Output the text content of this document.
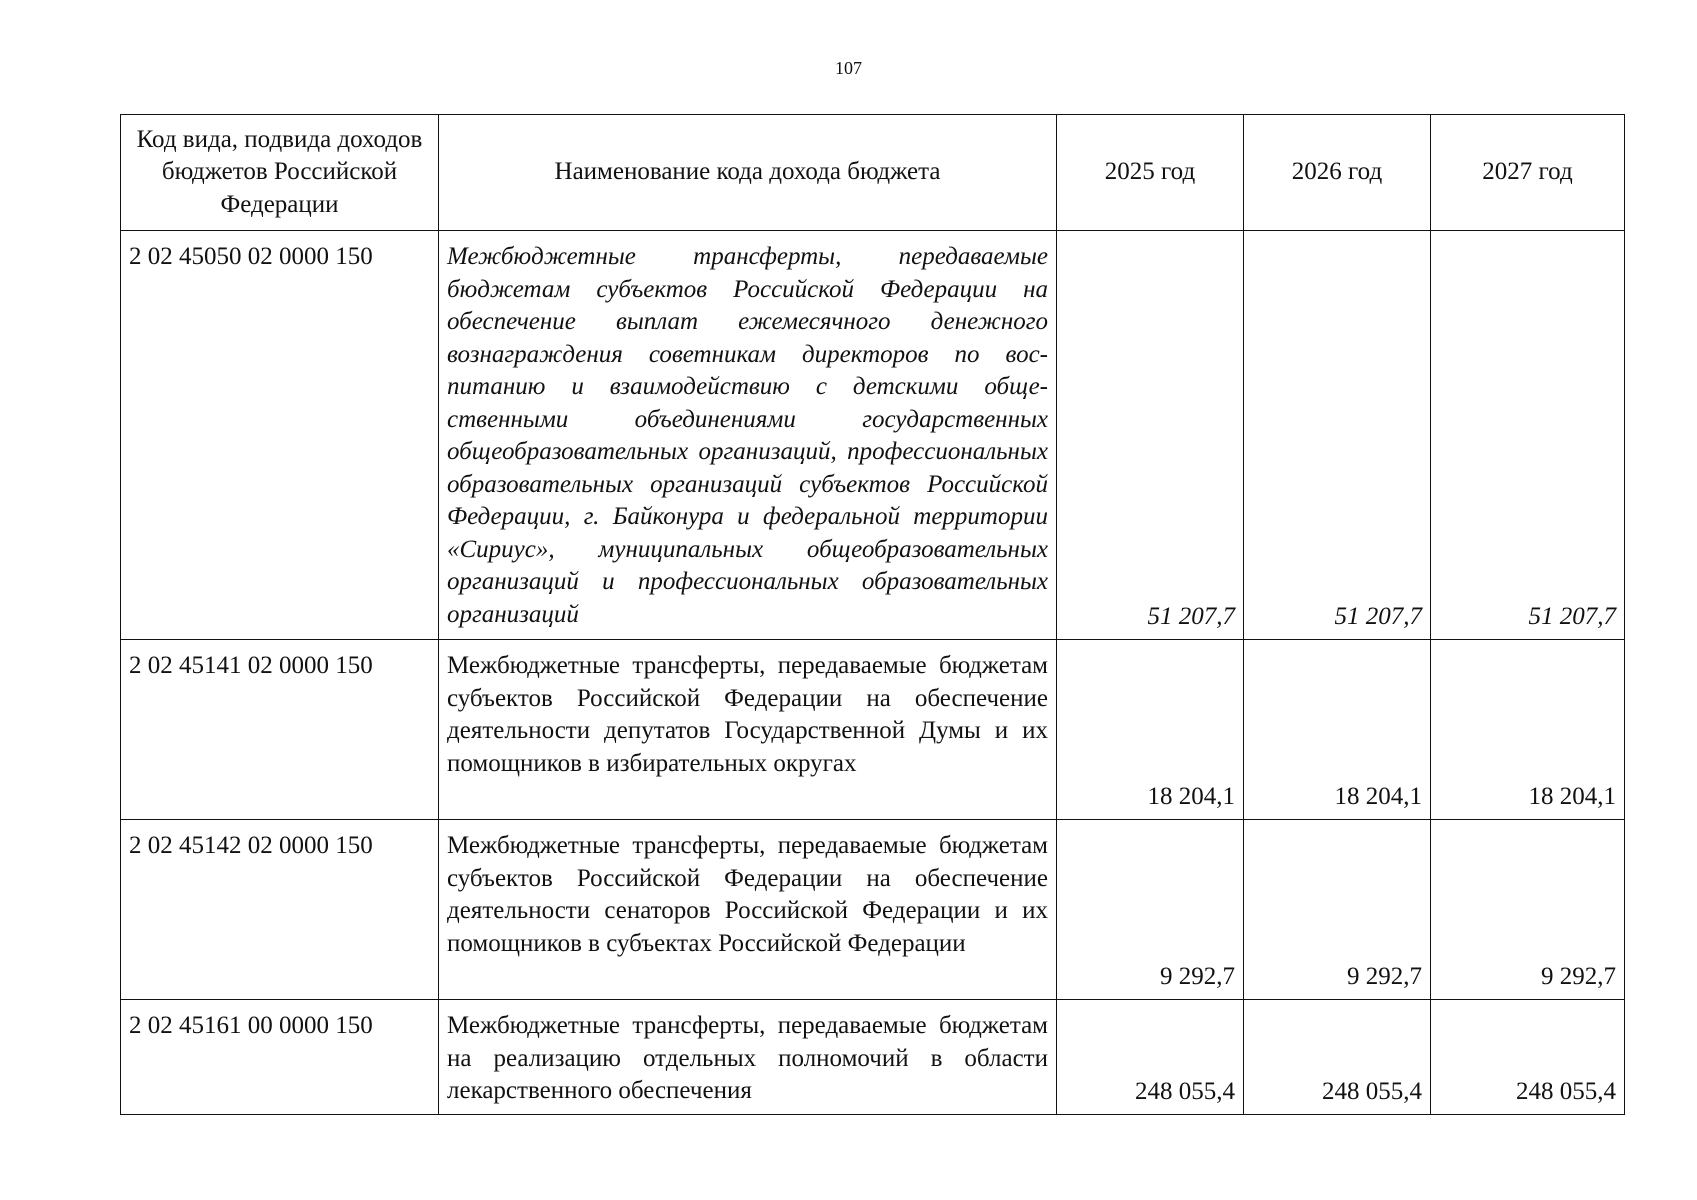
107
Код вида, подвида доходов бюджетов Российской Федерации	Наименование кода дохода бюджета	2025 год	2026 год	2027 год
2 02 45050 02 0000 150	Межбюджетные трансферты, передаваемые бюджетам субъектов Российской Федерации на обеспечение выплат ежемесячного денежного вознаграждения советникам директоров по воспитанию и взаимодействию с детскими общественными объединениями государственных общеобразовательных организаций, профессиональных образовательных организаций субъектов Российской Федерации, г. Байконура и федеральной территории «Сириус», муниципальных общеобразовательных организаций и профессиональных образовательных организаций	51 207,7	51 207,7	51 207,7
2 02 45141 02 0000 150	Межбюджетные трансферты, передаваемые бюджетам субъектов Российской Федерации на обеспечение деятельности депутатов Государственной Думы и их помощников в избирательных округах	18 204,1	18 204,1	18 204,1
2 02 45142 02 0000 150	Межбюджетные трансферты, передаваемые бюджетам субъектов Российской Федерации на обеспечение деятельности сенаторов Российской Федерации и их помощников в субъектах Российской Федерации	9 292,7	9 292,7	9 292,7
2 02 45161 00 0000 150	Межбюджетные трансферты, передаваемые бюджетам на реализацию отдельных полномочий в области лекарственного обеспечения	248 055,4	248 055,4	248 055,4
